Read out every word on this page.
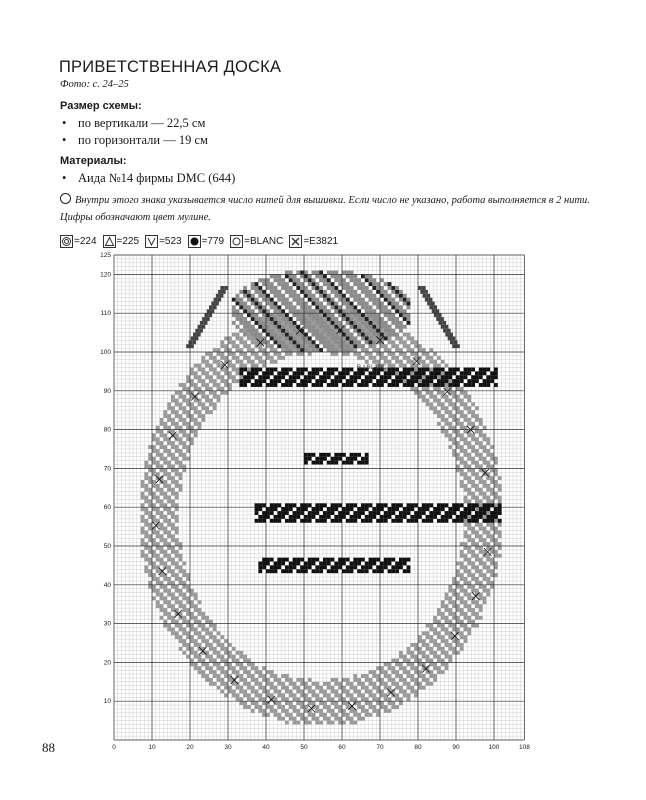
ПРИВЕТСТВЕННАЯ ДОСКА
Фото: с. 24–25
Размер схемы:
• по вертикали — 22,5 см
• по горизонтали — 19 см
Материалы:
• Аида №14 фирмы DMC (644)
Внутри этого знака указывается число нитей для вышивки. Если число не указано, работа выполняется в 2 нити. Цифры обозначают цвет мулине.
=224 =225 =523 =779 =BLANC =E3821
125
120
110
100
90
80
70
60
50
40
30
20
10
0	10	20	30	40	50	60	70	80	90	100	108
B.т.BLANC
88
